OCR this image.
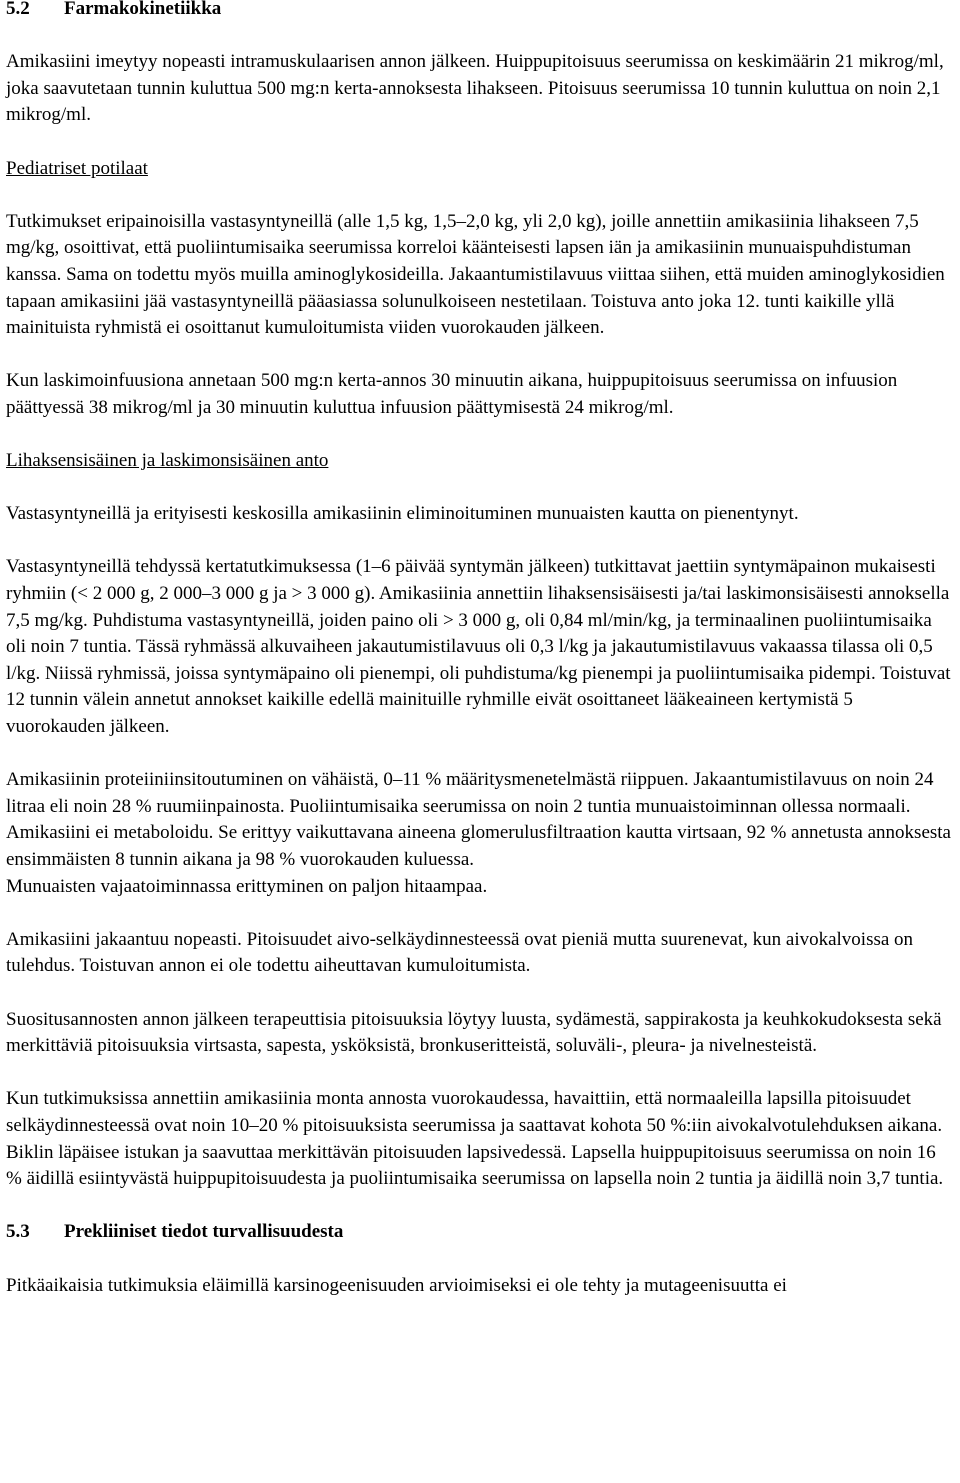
5.2	Farmakokinetiikka

Amikasiini imeytyy nopeasti intramuskulaarisen annon jälkeen. Huippupitoisuus seerumissa on keskimäärin 21 mikrog/ml, joka saavutetaan tunnin kuluttua 500 mg:n kerta-annoksesta lihakseen. Pitoisuus seerumissa 10 tunnin kuluttua on noin 2,1 mikrog/ml.

Pediatriset potilaat

Tutkimukset eripainoisilla vastasyntyneillä (alle 1,5 kg, 1,5–2,0 kg, yli 2,0 kg), joille annettiin amikasiinia lihakseen 7,5 mg/kg, osoittivat, että puoliintumisaika seerumissa korreloi käänteisesti lapsen iän ja amikasiinin munuaispuhdistuman kanssa. Sama on todettu myös muilla aminoglykosideilla. Jakaantumistilavuus viittaa siihen, että muiden aminoglykosidien tapaan amikasiini jää vastasyntyneillä pääasiassa solunulkoiseen nestetilaan. Toistuva anto joka 12. tunti kaikille yllä mainituista ryhmistä ei osoittanut kumuloitumista viiden vuorokauden jälkeen.

Kun laskimoinfuusiona annetaan 500 mg:n kerta-annos 30 minuutin aikana, huippupitoisuus seerumissa on infuusion päättyessä 38 mikrog/ml ja 30 minuutin kuluttua infuusion päättymisestä 24 mikrog/ml.

Lihaksensisäinen ja laskimonsisäinen anto

Vastasyntyneillä ja erityisesti keskosilla amikasiinin eliminoituminen munuaisten kautta on pienentynyt.

Vastasyntyneillä tehdyssä kertatutkimuksessa (1–6 päivää syntymän jälkeen) tutkittavat jaettiin syntymäpainon mukaisesti ryhmiin (< 2 000 g, 2 000–3 000 g ja > 3 000 g). Amikasiinia annettiin lihaksensisäisesti ja/tai laskimonsisäisesti annoksella 7,5 mg/kg. Puhdistuma vastasyntyneillä, joiden paino oli > 3 000 g, oli 0,84 ml/min/kg, ja terminaalinen puoliintumisaika oli noin 7 tuntia. Tässä ryhmässä alkuvaiheen jakautumistilavuus oli 0,3 l/kg ja jakautumistilavuus vakaassa tilassa oli 0,5 l/kg. Niissä ryhmissä, joissa syntymäpaino oli pienempi, oli puhdistuma/kg pienempi ja puoliintumisaika pidempi. Toistuvat 12 tunnin välein annetut annokset kaikille edellä mainituille ryhmille eivät osoittaneet lääkeaineen kertymistä 5 vuorokauden jälkeen.

Amikasiinin proteiiniinsitoutuminen on vähäistä, 0–11 % määritysmenetelmästä riippuen. Jakaantumistilavuus on noin 24 litraa eli noin 28 % ruumiinpainosta. Puoliintumisaika seerumissa on noin 2 tuntia munuaistoiminnan ollessa normaali. Amikasiini ei metaboloidu. Se erittyy vaikuttavana aineena glomerulusfiltraation kautta virtsaan, 92 % annetusta annoksesta ensimmäisten 8 tunnin aikana ja 98 % vuorokauden kuluessa.

Munuaisten vajaatoiminnassa erittyminen on paljon hitaampaa.

Amikasiini jakaantuu nopeasti. Pitoisuudet aivo-selkäydinnesteessä ovat pieniä mutta suurenevat, kun aivokalvoissa on tulehdus. Toistuvan annon ei ole todettu aiheuttavan kumuloitumista.

Suositusannosten annon jälkeen terapeuttisia pitoisuuksia löytyy luusta, sydämestä, sappirakosta ja keuhkokudoksesta sekä merkittäviä pitoisuuksia virtsasta, sapesta, ysköksistä, bronkuseritteistä, soluväli-, pleura- ja nivelnesteistä.

Kun tutkimuksissa annettiin amikasiinia monta annosta vuorokaudessa, havaittiin, että normaaleilla lapsilla pitoisuudet selkäydinnesteessä ovat noin 10–20 % pitoisuuksista seerumissa ja saattavat kohota 50 %:iin aivokalvotulehduksen aikana. Biklin läpäisee istukan ja saavuttaa merkittävän pitoisuuden lapsivedessä. Lapsella huippupitoisuus seerumissa on noin 16 % äidillä esiintyvästä huippupitoisuudesta ja puoliintumisaika seerumissa on lapsella noin 2 tuntia ja äidillä noin 3,7 tuntia.

5.3	Prekliiniset tiedot turvallisuudesta

Pitkäaikaisia tutkimuksia eläimillä karsinogeenisuuden arvioimiseksi ei ole tehty ja mutageenisuutta ei
